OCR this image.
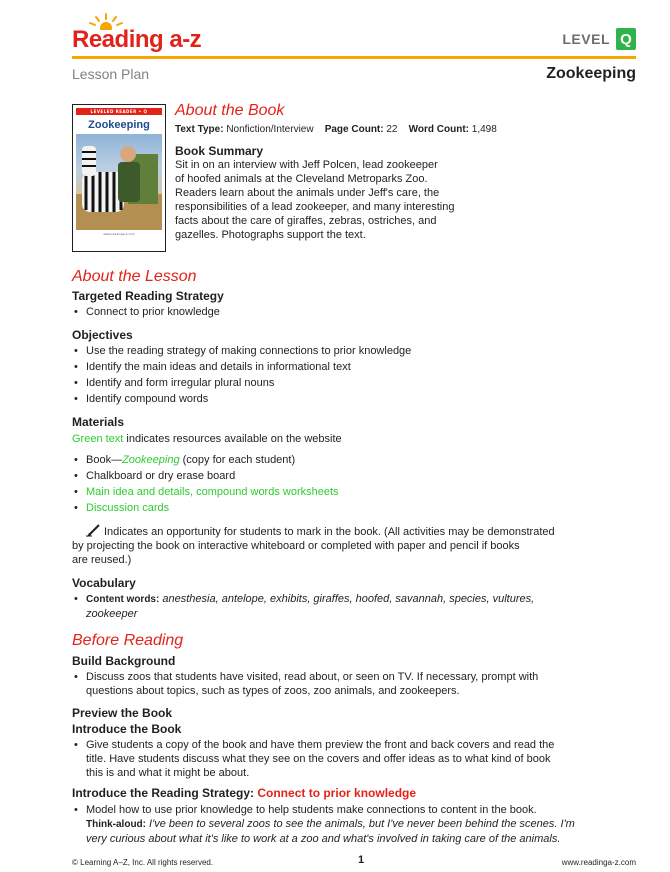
Reading a-z	LEVEL Q
Lesson Plan	Zookeeping
LEVELED READER • Q
Zookeeping
www.readinga-z.com
About the Book
Text Type: Nonfiction/Interview Page Count: 22 Word Count: 1,498
Book Summary
Sit in on an interview with Jeff Polcen, lead zookeeper
of hoofed animals at the Cleveland Metroparks Zoo.
Readers learn about the animals under Jeff's care, the
responsibilities of a lead zookeeper, and many interesting
facts about the care of giraffes, zebras, ostriches, and
gazelles. Photographs support the text.
About the Lesson
Targeted Reading Strategy
• Connect to prior knowledge
Objectives
• Use the reading strategy of making connections to prior knowledge
• Identify the main ideas and details in informational text
• Identify and form irregular plural nouns
• Identify compound words
Materials
Green text indicates resources available on the website
• Book—Zookeeping (copy for each student)
• Chalkboard or dry erase board
• Main idea and details, compound words worksheets
• Discussion cards
Indicates an opportunity for students to mark in the book. (All activities may be demonstrated
by projecting the book on interactive whiteboard or completed with paper and pencil if books
are reused.)
Vocabulary
• Content words: anesthesia, antelope, exhibits, giraffes, hoofed, savannah, species, vultures,
zookeeper
Before Reading
Build Background
• Discuss zoos that students have visited, read about, or seen on TV. If necessary, prompt with
questions about topics, such as types of zoos, zoo animals, and zookeepers.
Preview the Book
Introduce the Book
• Give students a copy of the book and have them preview the front and back covers and read the
title. Have students discuss what they see on the covers and offer ideas as to what kind of book
this is and what it might be about.
Introduce the Reading Strategy: Connect to prior knowledge
• Model how to use prior knowledge to help students make connections to content in the book.
Think-aloud: I've been to several zoos to see the animals, but I've never been behind the scenes. I'm
very curious about what it's like to work at a zoo and what's involved in taking care of the animals.
© Learning A–Z, Inc. All rights reserved.	1	www.readinga-z.com
